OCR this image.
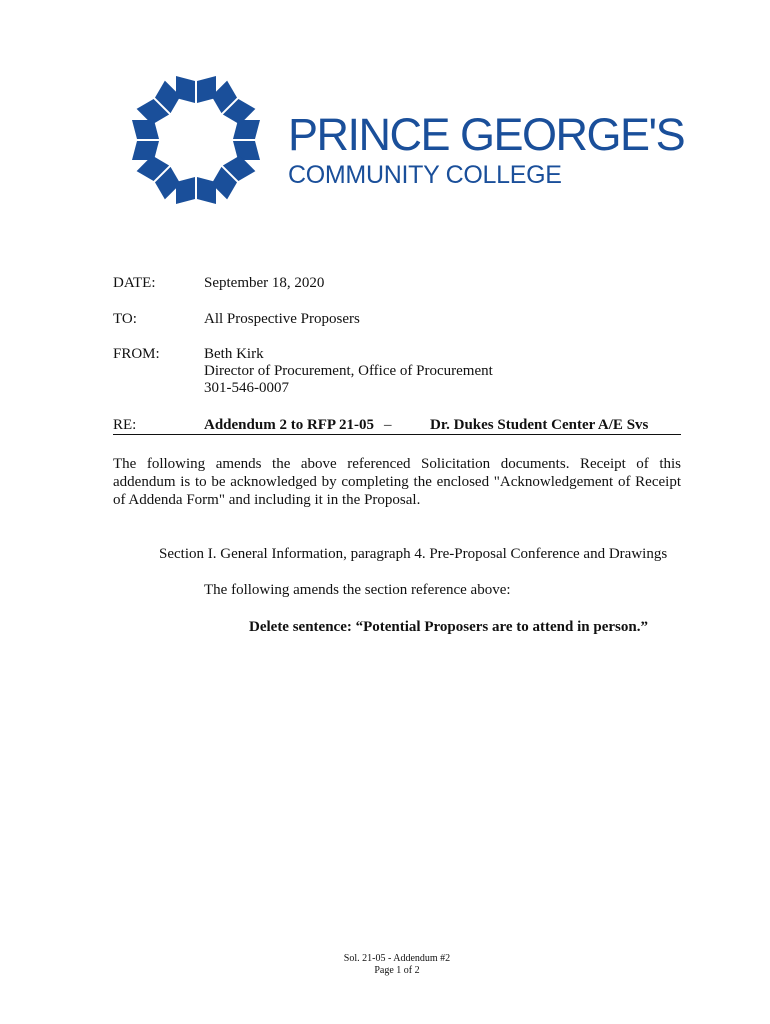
PRINCE GEORGE'S
COMMUNITY COLLEGE
DATE:	September 18, 2020
TO:	All Prospective Proposers
FROM:	Beth Kirk
Director of Procurement, Office of Procurement
301-546-0007
RE:	Addendum 2 to RFP 21-05 –	Dr. Dukes Student Center A/E Svs
The following amends the above referenced Solicitation documents. Receipt of this
addendum is to be acknowledged by completing the enclosed "Acknowledgement of Receipt
of Addenda Form" and including it in the Proposal.
Section I. General Information, paragraph 4. Pre-Proposal Conference and Drawings
The following amends the section reference above:
Delete sentence: “Potential Proposers are to attend in person.”
Sol. 21-05 - Addendum #2
Page 1 of 2
